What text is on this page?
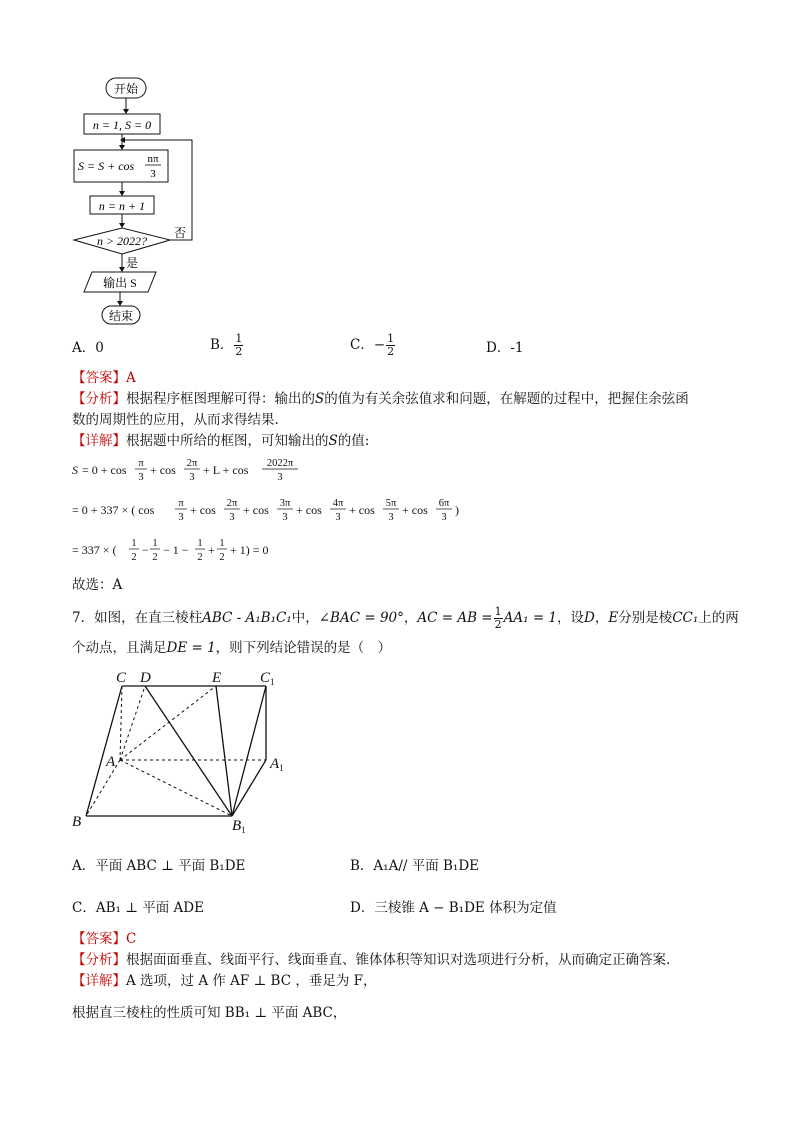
开始
n = 1, S = 0
S = S + cos nπ
3
n = n + 1
n > 2022?
否
是
输出 S
结束
A．0	B． $\frac{1}{2}$	C．− $\frac{1}{2}$	D．-1
【答案】A
【分析】根据程序框图理解可得：输出的S的值为有关余弦值求和问题，在解题的过程中，把握住余弦函
数的周期性的应用，从而求得结果.
【详解】根据题中所给的框图，可知输出的S的值:
S = 0 + cos π
3
+ cos 2π
3
+ L + cos 2022π
3
= 0 + 337 × ( cos π
3
+ cos 2π
3
+ cos 3π
3
+ cos 4π
3
+ cos 5π
3
+ cos 6π
3
)
= 337 × ( 1
2
− 1
2
− 1 − 1
2
+ 1
2
+ 1) = 0
故选：A
7．如图，在直三棱柱ABC - A₁B₁C₁中，∠BAC = 90°，AC = AB = $\frac{1}{2} AA_1 = 1$，设D，E分别是棱CC₁上的两
个动点，且满足DE = 1，则下列结论错误的是（　）
C D	E	$C_1$
A	$A_1$
B	$B_1$
A．平面 ABC ⊥ 平面 B₁DE	B．A₁A// 平面 B₁DE
C．AB₁ ⊥ 平面 ADE	D．三棱锥 A − B₁DE 体积为定值
【答案】C
【分析】根据面面垂直、线面平行、线面垂直、锥体体积等知识对选项进行分析，从而确定正确答案.
【详解】A 选项，过 A 作 AF ⊥ BC ，垂足为 F，
根据直三棱柱的性质可知 BB₁ ⊥ 平面 ABC，
